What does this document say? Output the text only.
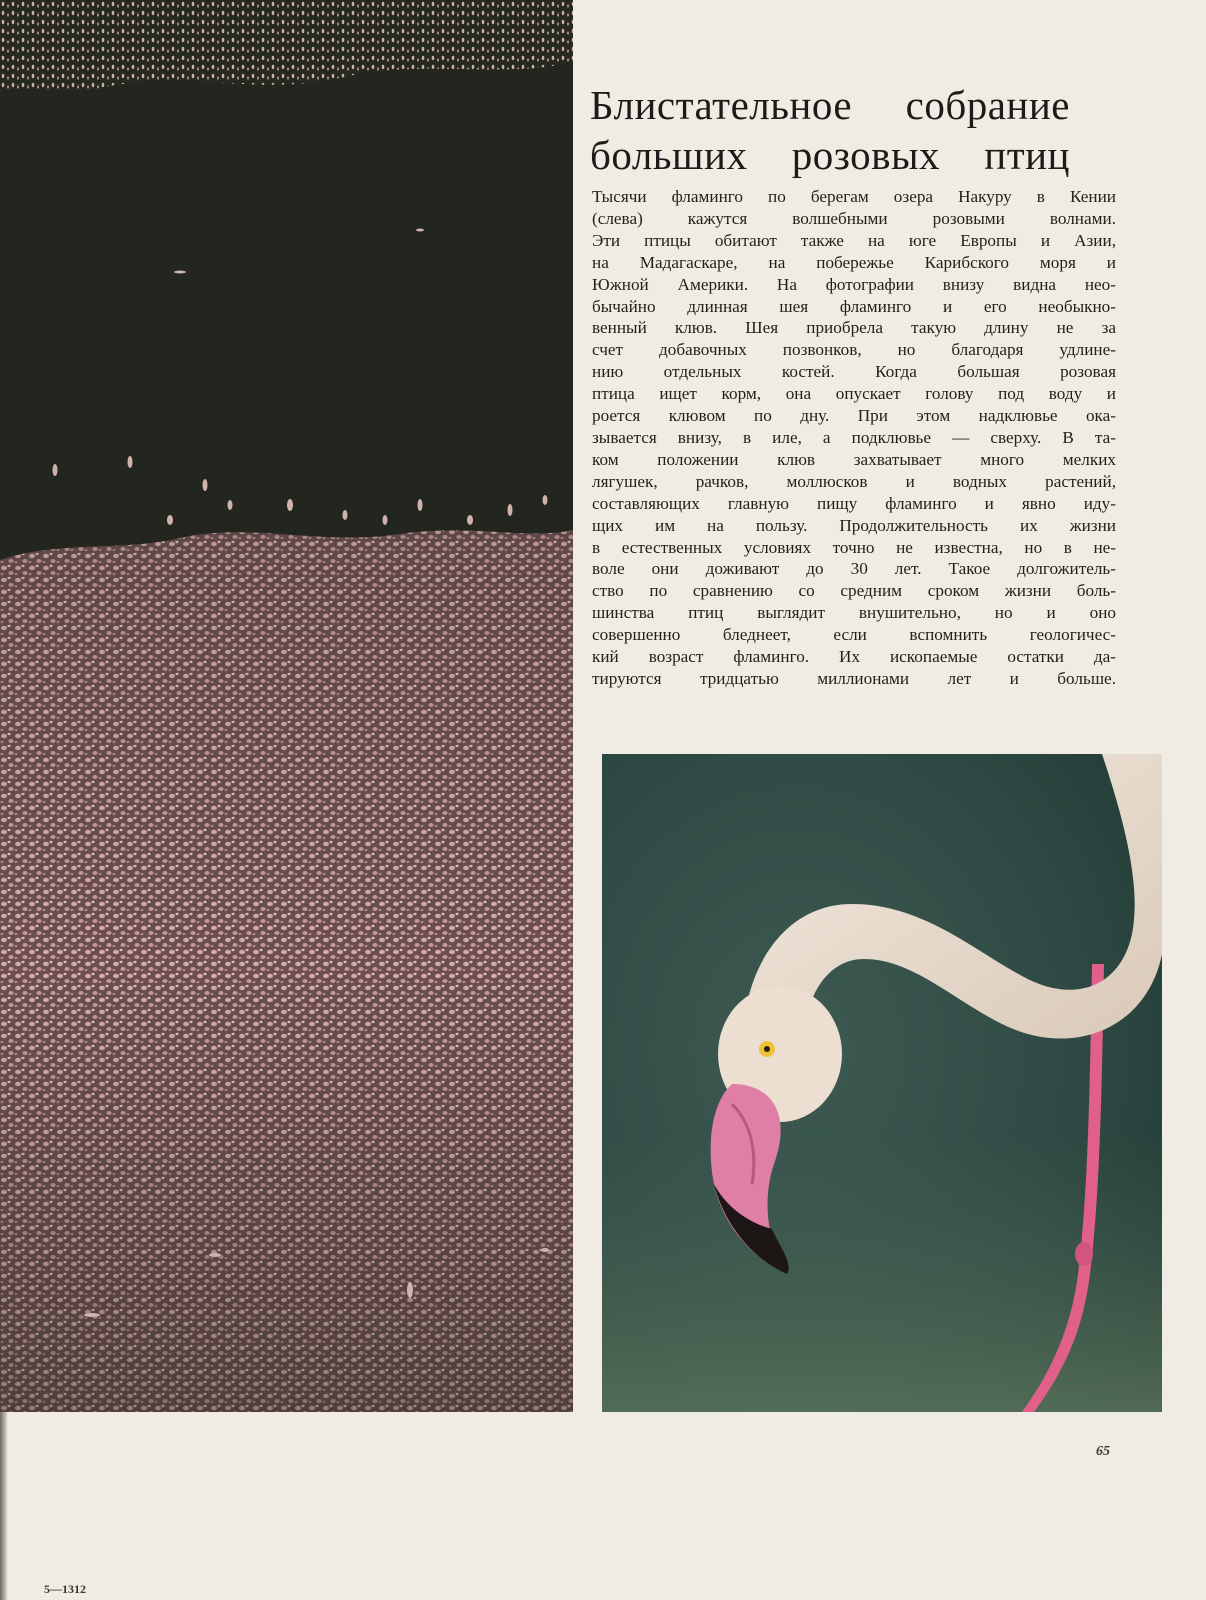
Блистательное собрание
больших розовых птиц
Тысячи фламинго по берегам озера Накуру в Кении
(слева) кажутся волшебными розовыми волнами.
Эти птицы обитают также на юге Европы и Азии,
на Мадагаскаре, на побережье Карибского моря и
Южной Америки. На фотографии внизу видна нео-
бычайно длинная шея фламинго и его необыкно-
венный клюв. Шея приобрела такую длину не за
счет добавочных позвонков, но благодаря удлине-
нию отдельных костей. Когда большая розовая
птица ищет корм, она опускает голову под воду и
роется клювом по дну. При этом надклювье ока-
зывается внизу, в иле, а подклювье — сверху. В та-
ком положении клюв захватывает много мелких
лягушек, рачков, моллюсков и водных растений,
составляющих главную пищу фламинго и явно иду-
щих им на пользу. Продолжительность их жизни
в естественных условиях точно не известна, но в не-
воле они доживают до 30 лет. Такое долгожитель-
ство по сравнению со средним сроком жизни боль-
шинства птиц выглядит внушительно, но и оно
совершенно бледнеет, если вспомнить геологичес-
кий возраст фламинго. Их ископаемые остатки да-
тируются тридцатью миллионами лет и больше.
65
5—1312
